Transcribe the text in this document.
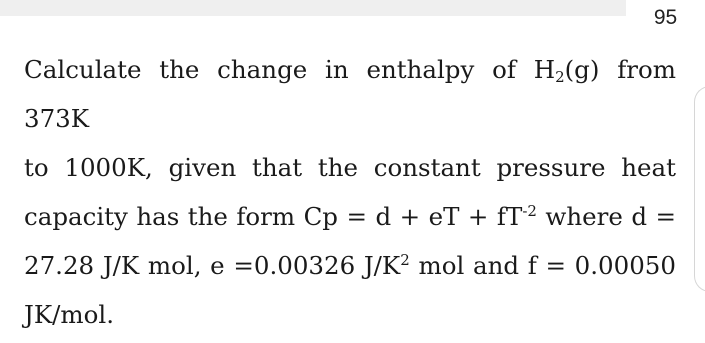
95

Calculate the change in enthalpy of $H_2(g)$ from 373K
to 1000K, given that the constant pressure heat
capacity has the form Cp = d + eT + $fT^{-2}$ where d =
27.28 J/K mol, e =0.00326 $J/K^2$ mol and f = 0.00050
JK/mol.
